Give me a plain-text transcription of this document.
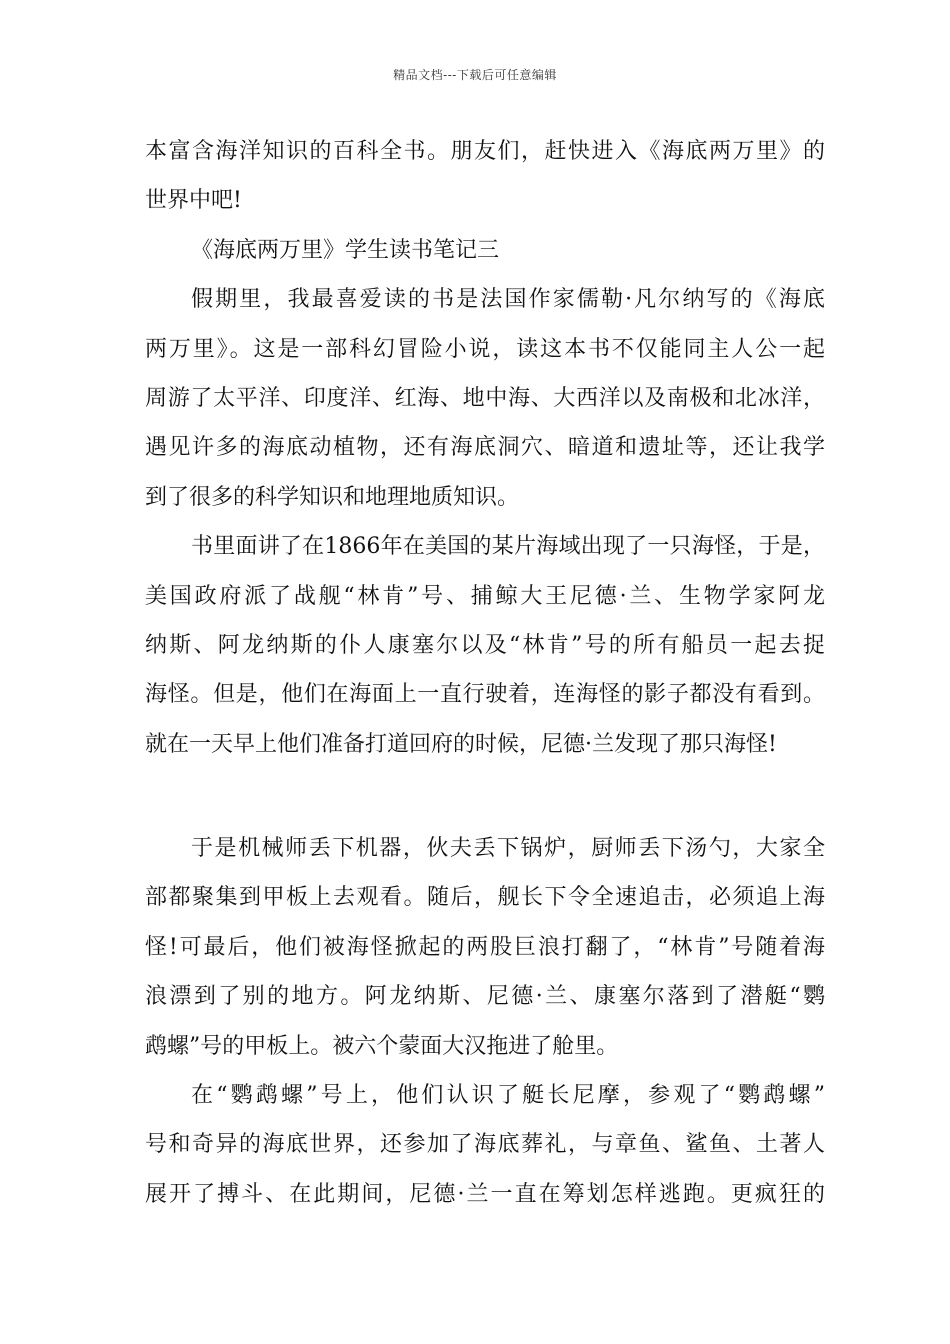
精品文档---下载后可任意编辑
本富含海洋知识的百科全书。朋友们，赶快进入《海底两万里》的
世界中吧!
《海底两万里》学生读书笔记三
假期里，我最喜爱读的书是法国作家儒勒·凡尔纳写的《海底
两万里》。这是一部科幻冒险小说，读这本书不仅能同主人公一起
周游了太平洋、印度洋、红海、地中海、大西洋以及南极和北冰洋，
遇见许多的海底动植物，还有海底洞穴、暗道和遗址等，还让我学
到了很多的科学知识和地理地质知识。
书里面讲了在1866年在美国的某片海域出现了一只海怪，于是，
美国政府派了战舰“林肯”号、捕鲸大王尼德·兰、生物学家阿龙
纳斯、阿龙纳斯的仆人康塞尔以及“林肯”号的所有船员一起去捉
海怪。但是，他们在海面上一直行驶着，连海怪的影子都没有看到。
就在一天早上他们准备打道回府的时候，尼德·兰发现了那只海怪!
于是机械师丢下机器，伙夫丢下锅炉，厨师丢下汤勺，大家全
部都聚集到甲板上去观看。随后，舰长下令全速追击，必须追上海
怪!可最后，他们被海怪掀起的两股巨浪打翻了，“林肯”号随着海
浪漂到了别的地方。阿龙纳斯、尼德·兰、康塞尔落到了潜艇“鹦
鹉螺”号的甲板上。被六个蒙面大汉拖进了舱里。
在“鹦鹉螺”号上，他们认识了艇长尼摩，参观了“鹦鹉螺”
号和奇异的海底世界，还参加了海底葬礼，与章鱼、鲨鱼、土著人
展开了搏斗、在此期间，尼德·兰一直在筹划怎样逃跑。更疯狂的
